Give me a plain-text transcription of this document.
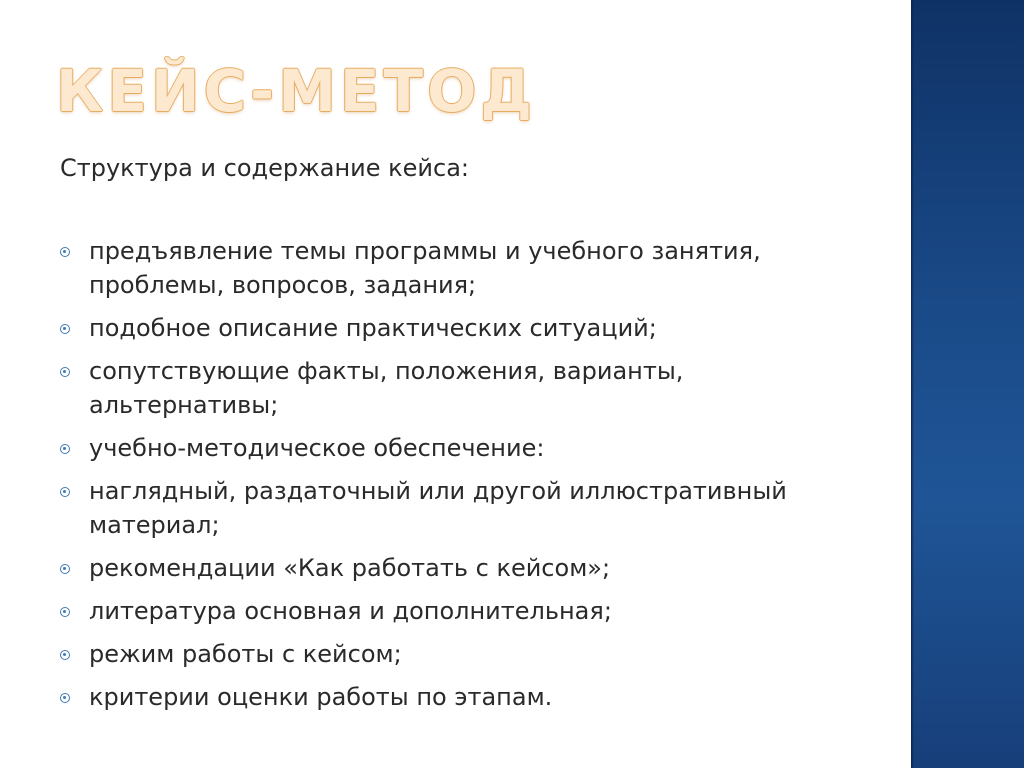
КЕЙС-МЕТОД

Структура и содержание кейса:

предъявление темы программы и учебного занятия, проблемы, вопросов, задания;
подобное описание практических ситуаций;
сопутствующие факты, положения, варианты, альтернативы;
учебно-методическое обеспечение:
наглядный, раздаточный или другой иллюстративный материал;
рекомендации «Как работать с кейсом»;
литература основная и дополнительная;
режим работы с кейсом;
критерии оценки работы по этапам.
